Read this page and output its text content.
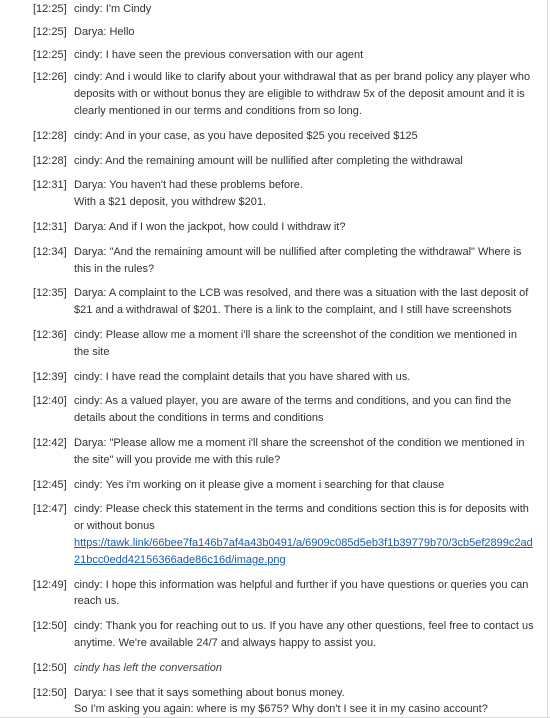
[12:25] cindy: I'm Cindy
[12:25] Darya: Hello
[12:25] cindy: I have seen the previous conversation with our agent
[12:26] cindy: And i would like to clarify about your withdrawal that as per brand policy any player who deposits with or without bonus they are eligible to withdraw 5x of the deposit amount and it is clearly mentioned in our terms and conditions from so long.
[12:28] cindy: And in your case, as you have deposited $25 you received $125
[12:28] cindy: And the remaining amount will be nullified after completing the withdrawal
[12:31] Darya: You haven't had these problems before.
With a $21 deposit, you withdrew $201.
[12:31] Darya: And if I won the jackpot, how could I withdraw it?
[12:34] Darya: "And the remaining amount will be nullified after completing the withdrawal" Where is this in the rules?
[12:35] Darya: A complaint to the LCB was resolved, and there was a situation with the last deposit of $21 and a withdrawal of $201. There is a link to the complaint, and I still have screenshots
[12:36] cindy: Please allow me a moment i'll share the screenshot of the condition we mentioned in the site
[12:39] cindy: I have read the complaint details that you have shared with us.
[12:40] cindy: As a valued player, you are aware of the terms and conditions, and you can find the details about the conditions in terms and conditions
[12:42] Darya: "Please allow me a moment i'll share the screenshot of the condition we mentioned in the site" will you provide me with this rule?
[12:45] cindy: Yes i'm working on it please give a moment i searching for that clause
[12:47] cindy: Please check this statement in the terms and conditions section this is for deposits with or without bonus
https://tawk.link/66bee7fa146b7af4a43b0491/a/6909c085d5eb3f1b39779b70/3cb5ef2899c2ad21bcc0edd42156366ade86c16d/image.png
[12:49] cindy: I hope this information was helpful and further if you have questions or queries you can reach us.
[12:50] cindy: Thank you for reaching out to us. If you have any other questions, feel free to contact us anytime. We're available 24/7 and always happy to assist you.
[12:50] cindy has left the conversation
[12:50] Darya: I see that it says something about bonus money.
So I'm asking you again: where is my $675? Why don't I see it in my casino account?
